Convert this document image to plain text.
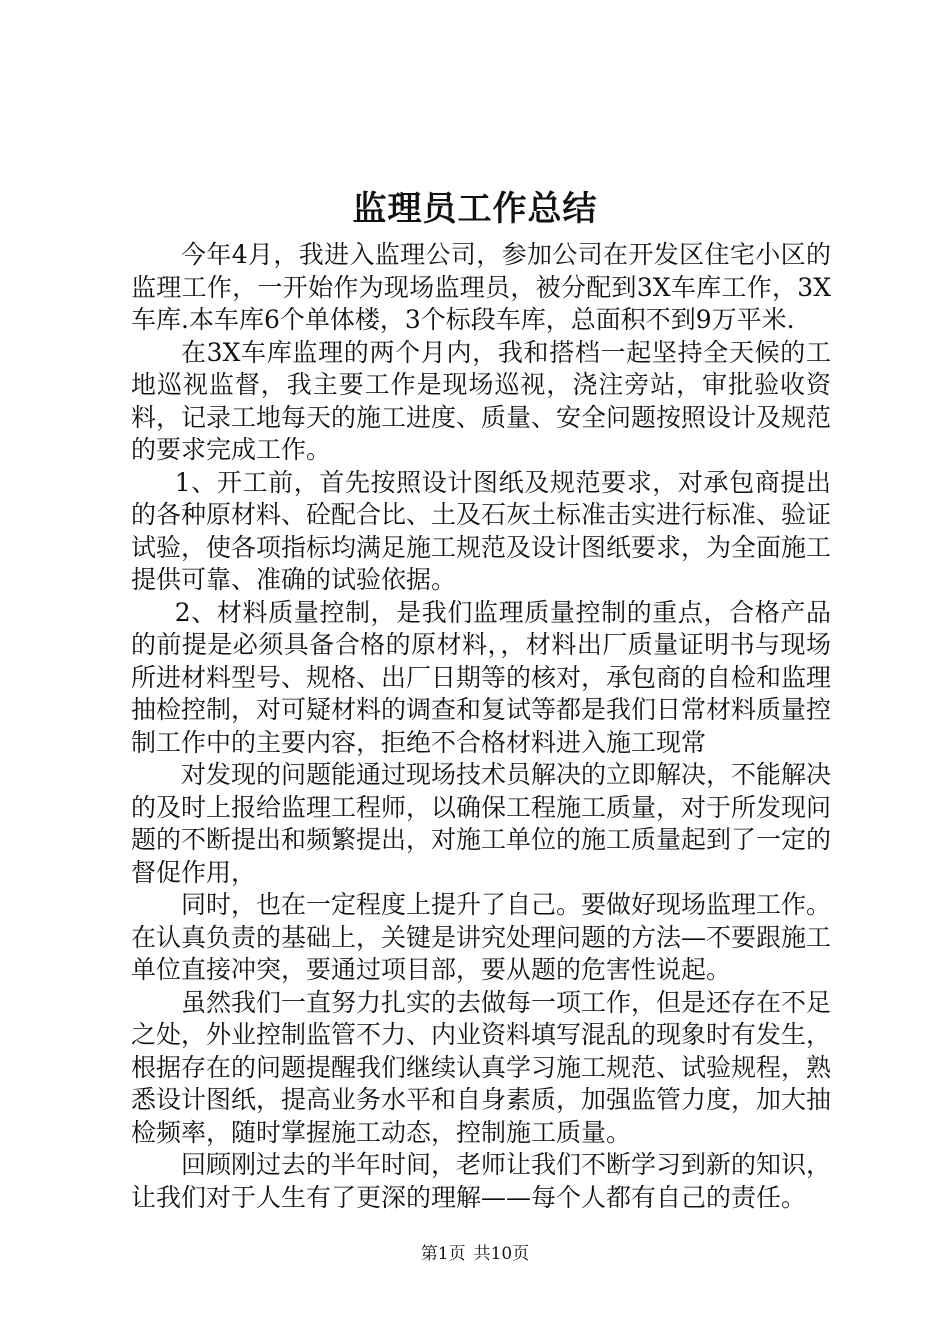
监理员工作总结

今年4月，我进入监理公司，参加公司在开发区住宅小区的监理工作，一开始作为现场监理员，被分配到3X车库工作，3X车库.本车库6个单体楼，3个标段车库，总面积不到9万平米.

在3X车库监理的两个月内，我和搭档一起坚持全天候的工地巡视监督，我主要工作是现场巡视，浇注旁站，审批验收资料，记录工地每天的施工进度、质量、安全问题按照设计及规范的要求完成工作。

1、开工前，首先按照设计图纸及规范要求，对承包商提出的各种原材料、砼配合比、土及石灰土标准击实进行标准、验证试验，使各项指标均满足施工规范及设计图纸要求，为全面施工提供可靠、准确的试验依据。

2、材料质量控制，是我们监理质量控制的重点，合格产品的前提是必须具备合格的原材料，，材料出厂质量证明书与现场所进材料型号、规格、出厂日期等的核对，承包商的自检和监理抽检控制，对可疑材料的调查和复试等都是我们日常材料质量控制工作中的主要内容，拒绝不合格材料进入施工现常

对发现的问题能通过现场技术员解决的立即解决，不能解决的及时上报给监理工程师，以确保工程施工质量，对于所发现问题的不断提出和频繁提出，对施工单位的施工质量起到了一定的督促作用，

同时，也在一定程度上提升了自己。要做好现场监理工作。在认真负责的基础上，关键是讲究处理问题的方法—不要跟施工单位直接冲突，要通过项目部，要从题的危害性说起。

虽然我们一直努力扎实的去做每一项工作，但是还存在不足之处，外业控制监管不力、内业资料填写混乱的现象时有发生，根据存在的问题提醒我们继续认真学习施工规范、试验规程，熟悉设计图纸，提高业务水平和自身素质，加强监管力度，加大抽检频率，随时掌握施工动态，控制施工质量。

回顾刚过去的半年时间，老师让我们不断学习到新的知识，让我们对于人生有了更深的理解——每个人都有自己的责任。

第1页 共10页
